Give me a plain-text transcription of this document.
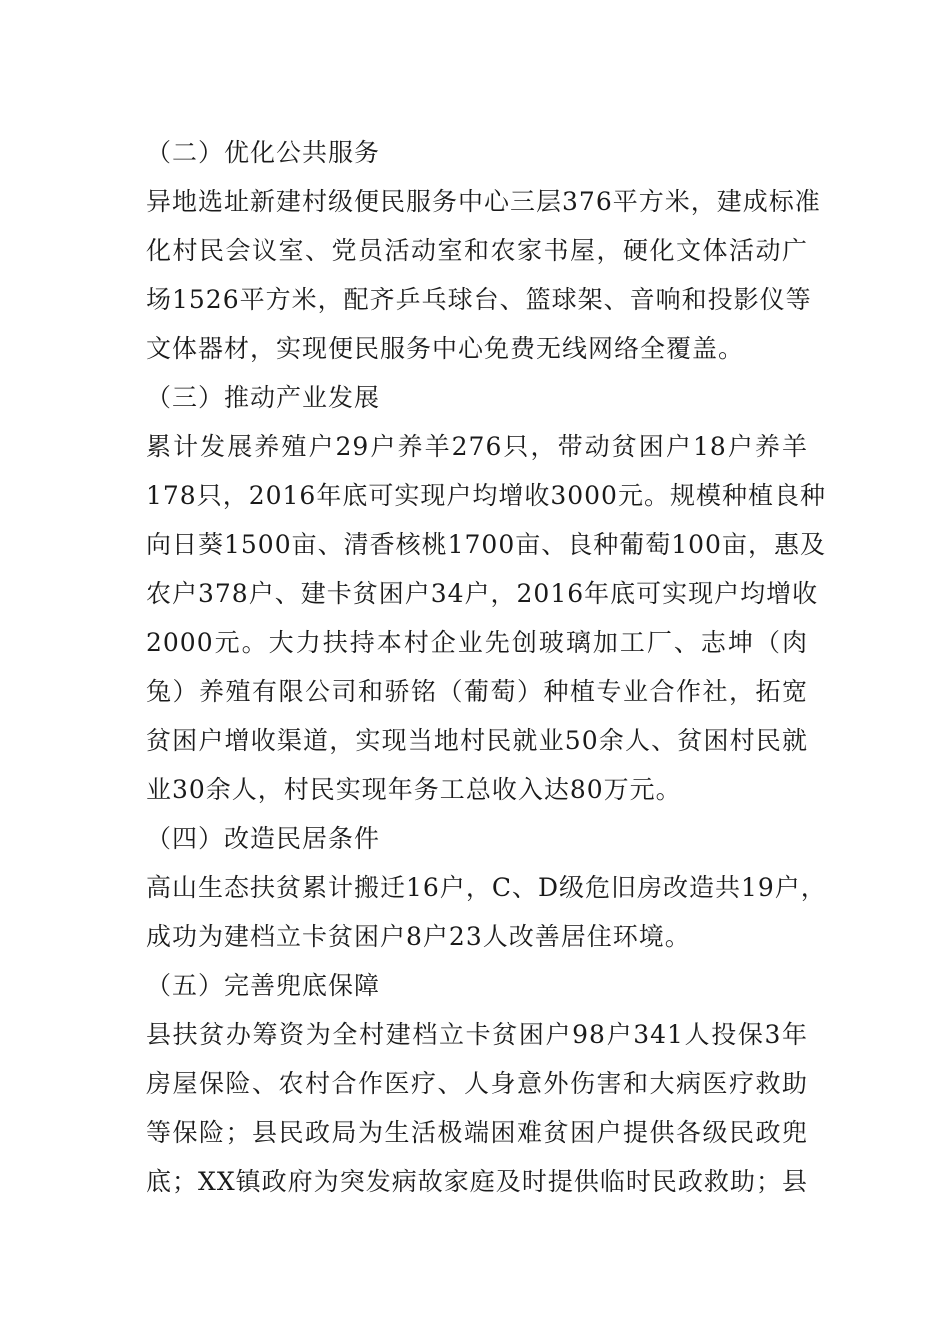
（二）优化公共服务

异地选址新建村级便民服务中心三层376平方米，建成标准
化村民会议室、党员活动室和农家书屋，硬化文体活动广
场1526平方米，配齐乒乓球台、篮球架、音响和投影仪等
文体器材，实现便民服务中心免费无线网络全覆盖。

（三）推动产业发展

累计发展养殖户29户养羊276只，带动贫困户18户养羊
178只，2016年底可实现户均增收3000元。规模种植良种
向日葵1500亩、清香核桃1700亩、良种葡萄100亩，惠及
农户378户、建卡贫困户34户，2016年底可实现户均增收
2000元。大力扶持本村企业先创玻璃加工厂、志坤（肉
兔）养殖有限公司和骄铭（葡萄）种植专业合作社，拓宽
贫困户增收渠道，实现当地村民就业50余人、贫困村民就
业30余人，村民实现年务工总收入达80万元。

（四）改造民居条件

高山生态扶贫累计搬迁16户，C、D级危旧房改造共19户，
成功为建档立卡贫困户8户23人改善居住环境。

（五）完善兜底保障

县扶贫办筹资为全村建档立卡贫困户98户341人投保3年
房屋保险、农村合作医疗、人身意外伤害和大病医疗救助
等保险；县民政局为生活极端困难贫困户提供各级民政兜
底；XX镇政府为突发病故家庭及时提供临时民政救助；县
